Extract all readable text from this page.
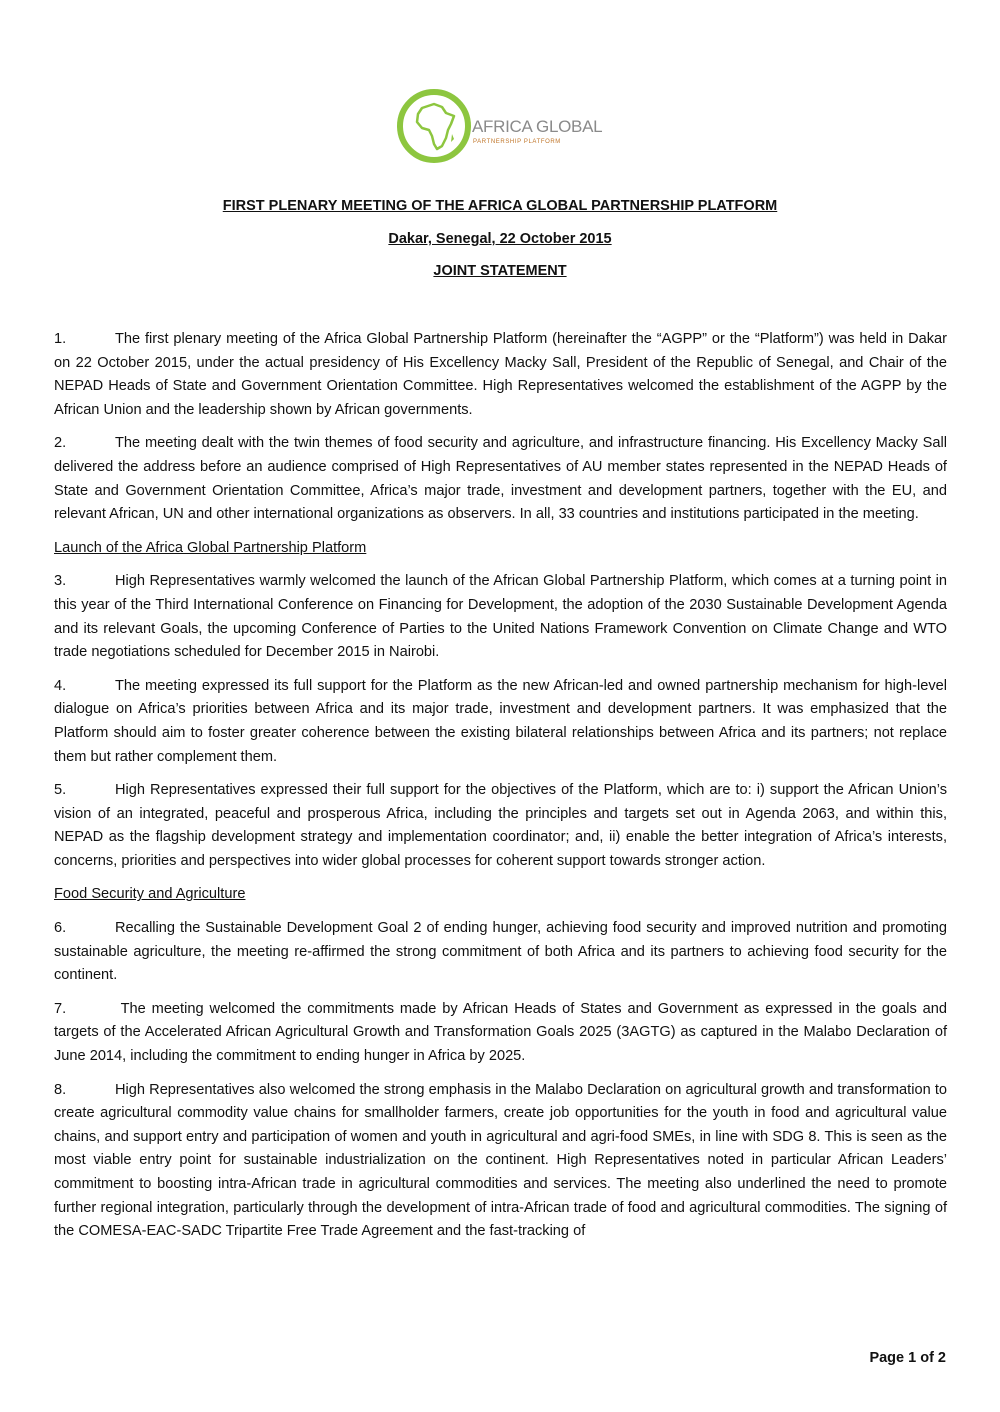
AFRICA GLOBAL
PARTNERSHIP PLATFORM
FIRST PLENARY MEETING OF THE AFRICA GLOBAL PARTNERSHIP PLATFORM
Dakar, Senegal, 22 October 2015
JOINT STATEMENT

1.	The first plenary meeting of the Africa Global Partnership Platform (hereinafter the “AGPP” or the “Platform”) was held in Dakar on 22 October 2015, under the actual presidency of His Excellency Macky Sall, President of the Republic of Senegal, and Chair of the NEPAD Heads of State and Government Orientation Committee. High Representatives welcomed the establishment of the AGPP by the African Union and the leadership shown by African governments.

2.	The meeting dealt with the twin themes of food security and agriculture, and infrastructure financing. His Excellency Macky Sall delivered the address before an audience comprised of High Representatives of AU member states represented in the NEPAD Heads of State and Government Orientation Committee, Africa’s major trade, investment and development partners, together with the EU, and relevant African, UN and other international organizations as observers. In all, 33 countries and institutions participated in the meeting.

Launch of the Africa Global Partnership Platform

3.	High Representatives warmly welcomed the launch of the African Global Partnership Platform, which comes at a turning point in this year of the Third International Conference on Financing for Development, the adoption of the 2030 Sustainable Development Agenda and its relevant Goals, the upcoming Conference of Parties to the United Nations Framework Convention on Climate Change and WTO trade negotiations scheduled for December 2015 in Nairobi.

4.	The meeting expressed its full support for the Platform as the new African-led and owned partnership mechanism for high-level dialogue on Africa’s priorities between Africa and its major trade, investment and development partners. It was emphasized that the Platform should aim to foster greater coherence between the existing bilateral relationships between Africa and its partners; not replace them but rather complement them.

5.	High Representatives expressed their full support for the objectives of the Platform, which are to: i) support the African Union’s vision of an integrated, peaceful and prosperous Africa, including the principles and targets set out in Agenda 2063, and within this, NEPAD as the flagship development strategy and implementation coordinator; and, ii) enable the better integration of Africa’s interests, concerns, priorities and perspectives into wider global processes for coherent support towards stronger action.

Food Security and Agriculture

6.	Recalling the Sustainable Development Goal 2 of ending hunger, achieving food security and improved nutrition and promoting sustainable agriculture, the meeting re-affirmed the strong commitment of both Africa and its partners to achieving food security for the continent.

7.	The meeting welcomed the commitments made by African Heads of States and Government as expressed in the goals and targets of the Accelerated African Agricultural Growth and Transformation Goals 2025 (3AGTG) as captured in the Malabo Declaration of June 2014, including the commitment to ending hunger in Africa by 2025.

8.	High Representatives also welcomed the strong emphasis in the Malabo Declaration on agricultural growth and transformation to create agricultural commodity value chains for smallholder farmers, create job opportunities for the youth in food and agricultural value chains, and support entry and participation of women and youth in agricultural and agri-food SMEs, in line with SDG 8. This is seen as the most viable entry point for sustainable industrialization on the continent. High Representatives noted in particular African Leaders’ commitment to boosting intra-African trade in agricultural commodities and services. The meeting also underlined the need to promote further regional integration, particularly through the development of intra-African trade of food and agricultural commodities. The signing of the COMESA-EAC-SADC Tripartite Free Trade Agreement and the fast-tracking of

Page 1 of 2
